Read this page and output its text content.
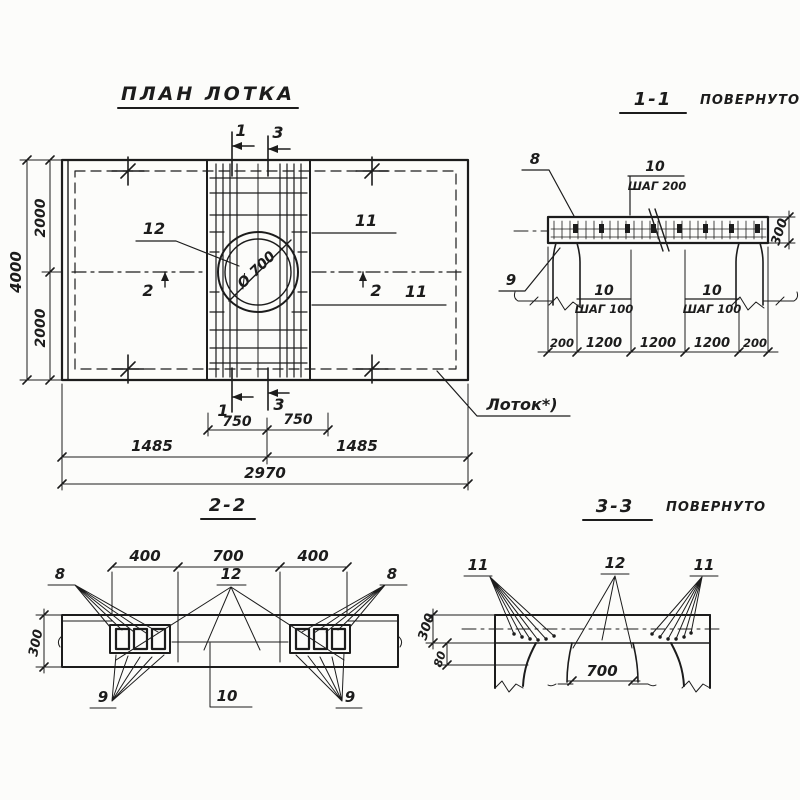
ПЛАН ЛОТКА
1 3
Ø 700
12	11
11
2	2
1	3
750 750
1485	1485
2970
4000
2000
2000
Лоток*)
1-1 ПОВЕРНУТО
10
ШАГ 200
10
ШАГ 100
10
ШАГ 100
200 1200 1200 1200 200
300
8
9
2-2
400	700	400
300
8	8
12
9	9
10
3-3 ПОВЕРНУТО
700
300
80
11	12	11
